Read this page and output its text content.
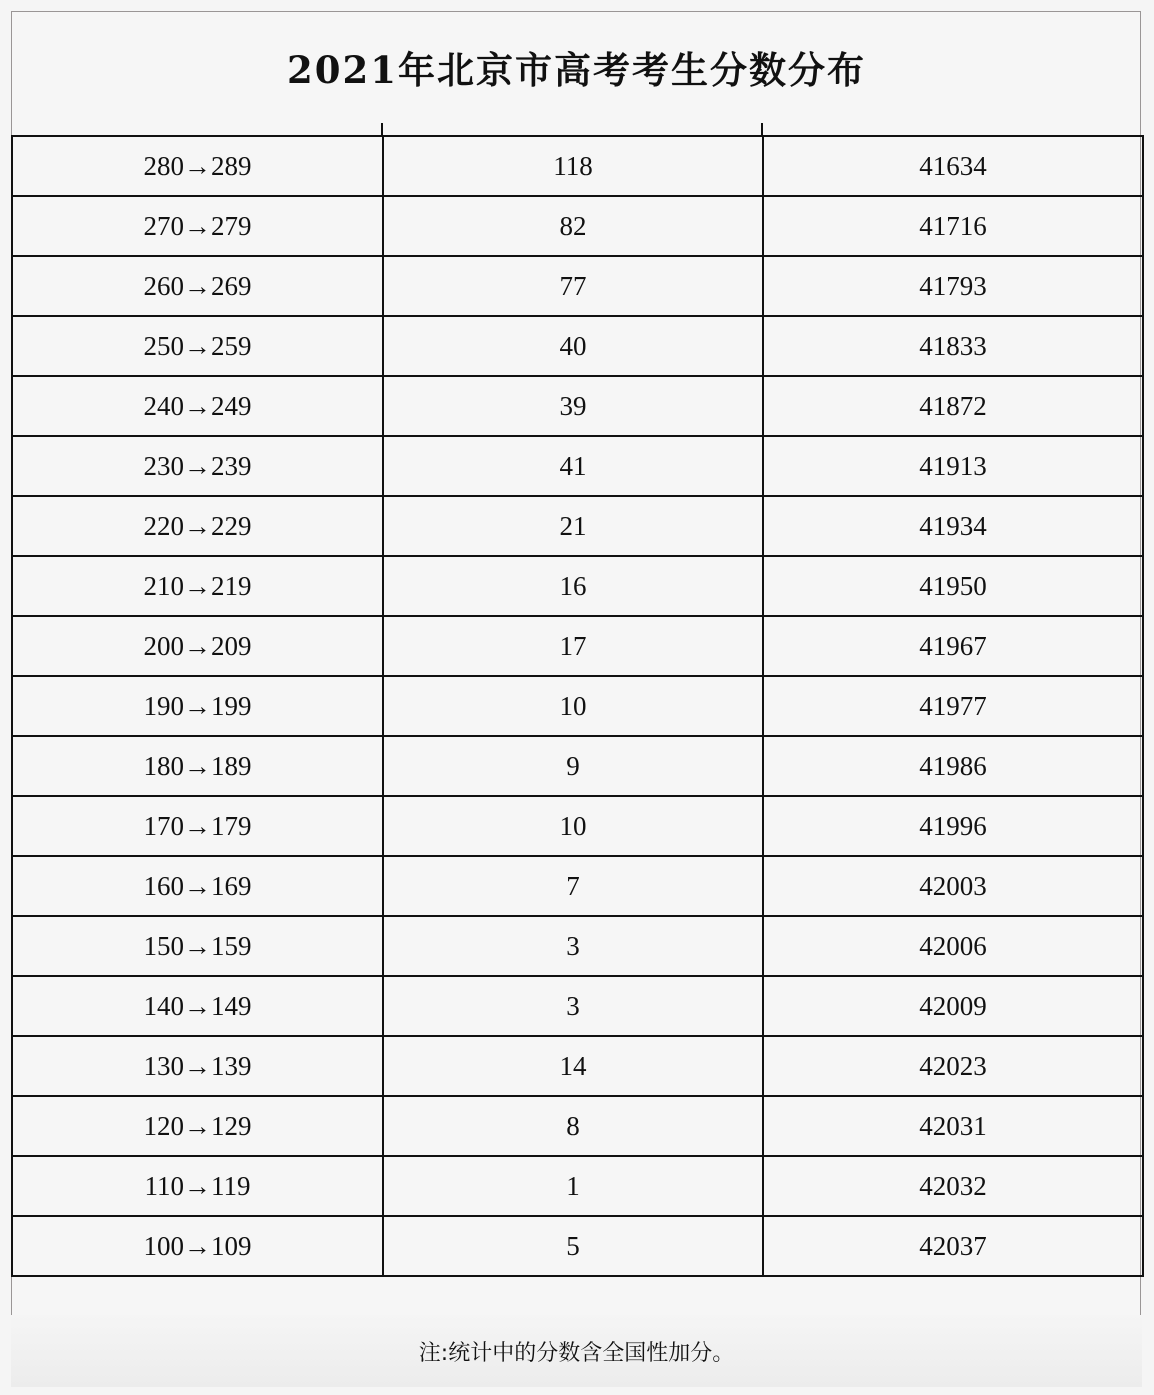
2021年北京市高考考生分数分布
280→289	118	41634
270→279	82	41716
260→269	77	41793
250→259	40	41833
240→249	39	41872
230→239	41	41913
220→229	21	41934
210→219	16	41950
200→209	17	41967
190→199	10	41977
180→189	9	41986
170→179	10	41996
160→169	7	42003
150→159	3	42006
140→149	3	42009
130→139	14	42023
120→129	8	42031
110→119	1	42032
100→109	5	42037
注:统计中的分数含全国性加分。
